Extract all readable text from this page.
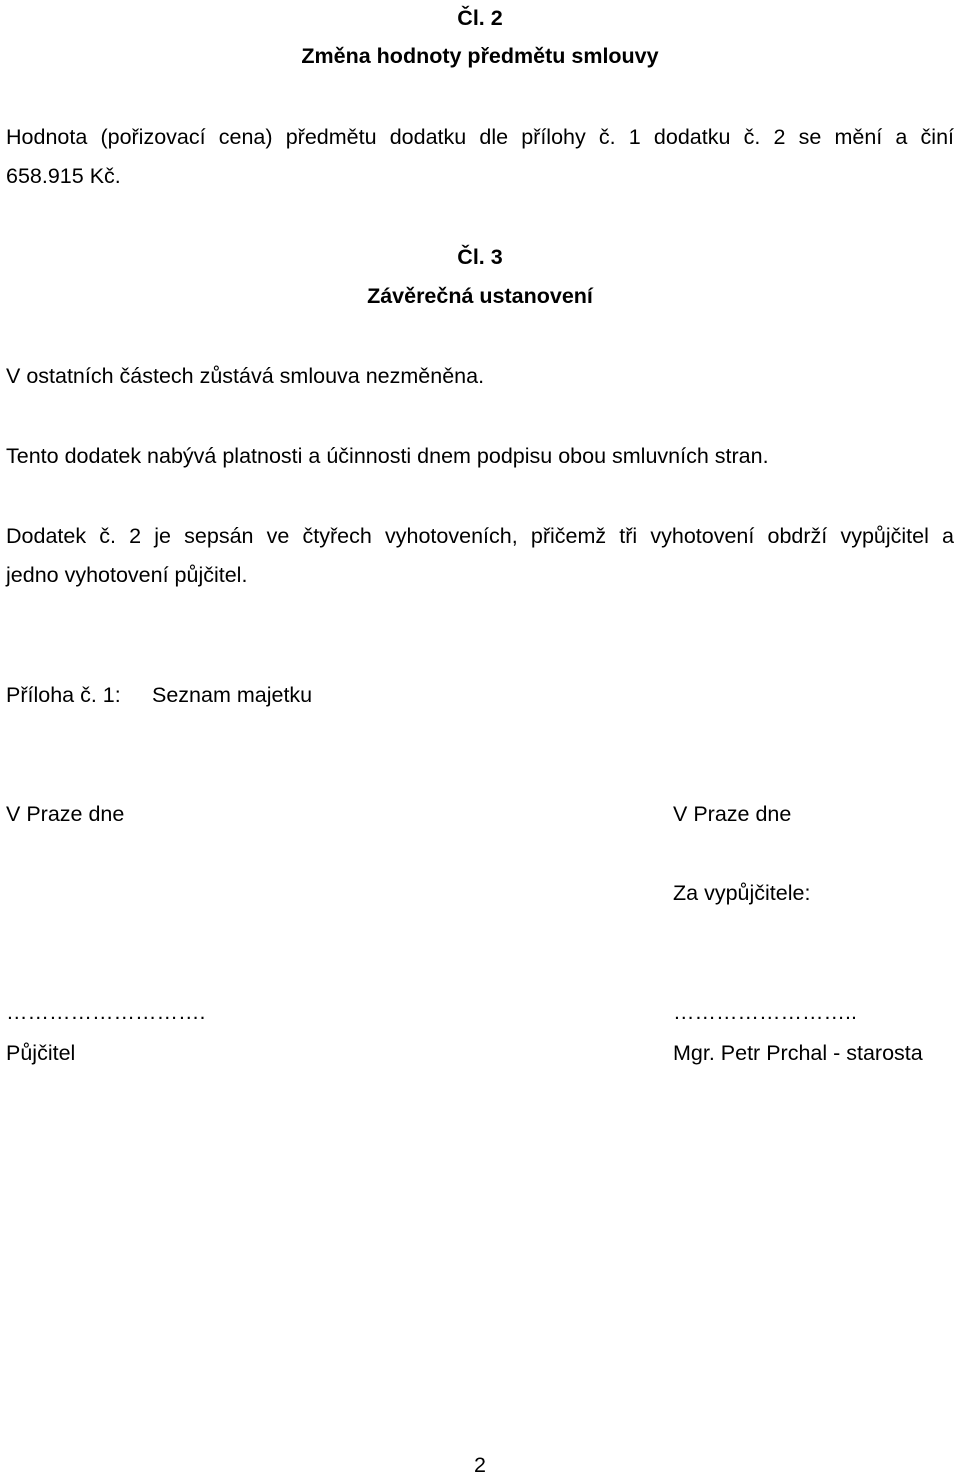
Čl. 2
Změna hodnoty předmětu smlouvy
Hodnota (pořizovací cena) předmětu dodatku dle přílohy č. 1 dodatku č. 2 se mění a činí
658.915 Kč.
Čl. 3
Závěrečná ustanovení
V ostatních částech zůstává smlouva nezměněna.
Tento dodatek nabývá platnosti a účinnosti dnem podpisu obou smluvních stran.
Dodatek č. 2 je sepsán ve čtyřech vyhotoveních, přičemž tři vyhotovení obdrží vypůjčitel a
jedno vyhotovení půjčitel.
Příloha č. 1: Seznam majetku
V Praze dne
……………………….
Půjčitel
V Praze dne
Za vypůjčitele:
……………………..
Mgr. Petr Prchal - starosta
2
